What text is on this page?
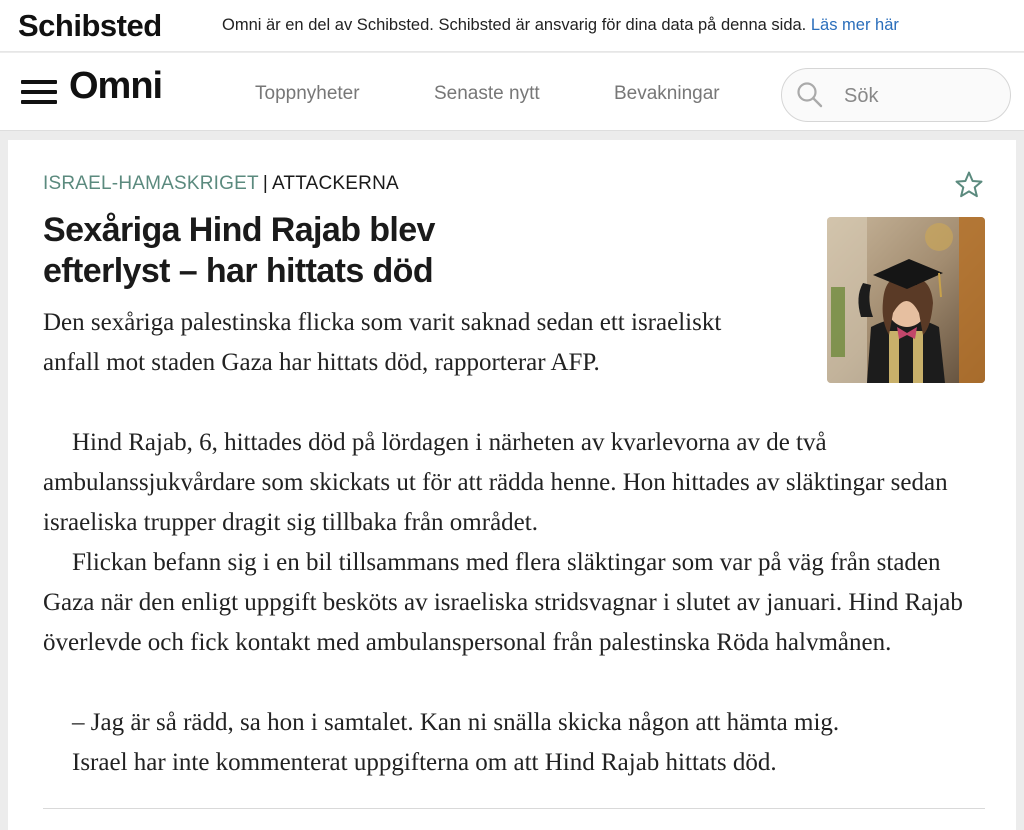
Schibsted	Omni är en del av Schibsted. Schibsted är ansvarig för dina data på denna sida. Läs mer här
Omni	Toppnyheter	Senaste nytt	Bevakningar
Sök
ISRAEL-HAMASKRIGET | ATTACKERNA
Sexåriga Hind Rajab blev efterlyst – har hittats död

Den sexåriga palestinska flicka som varit saknad sedan ett israeliskt anfall mot staden Gaza har hittats död, rapporterar AFP.

Hind Rajab, 6, hittades död på lördagen i närheten av kvarlevorna av de två ambulanssjukvårdare som skickats ut för att rädda henne. Hon hittades av släktingar sedan israeliska trupper dragit sig tillbaka från området.

Flickan befann sig i en bil tillsammans med flera släktingar som var på väg från staden Gaza när den enligt uppgift besköts av israeliska stridsvagnar i slutet av januari. Hind Rajab överlevde och fick kontakt med ambulanspersonal från palestinska Röda halvmånen.

– Jag är så rädd, sa hon i samtalet. Kan ni snälla skicka någon att hämta mig.

Israel har inte kommenterat uppgifterna om att Hind Rajab hittats död.
